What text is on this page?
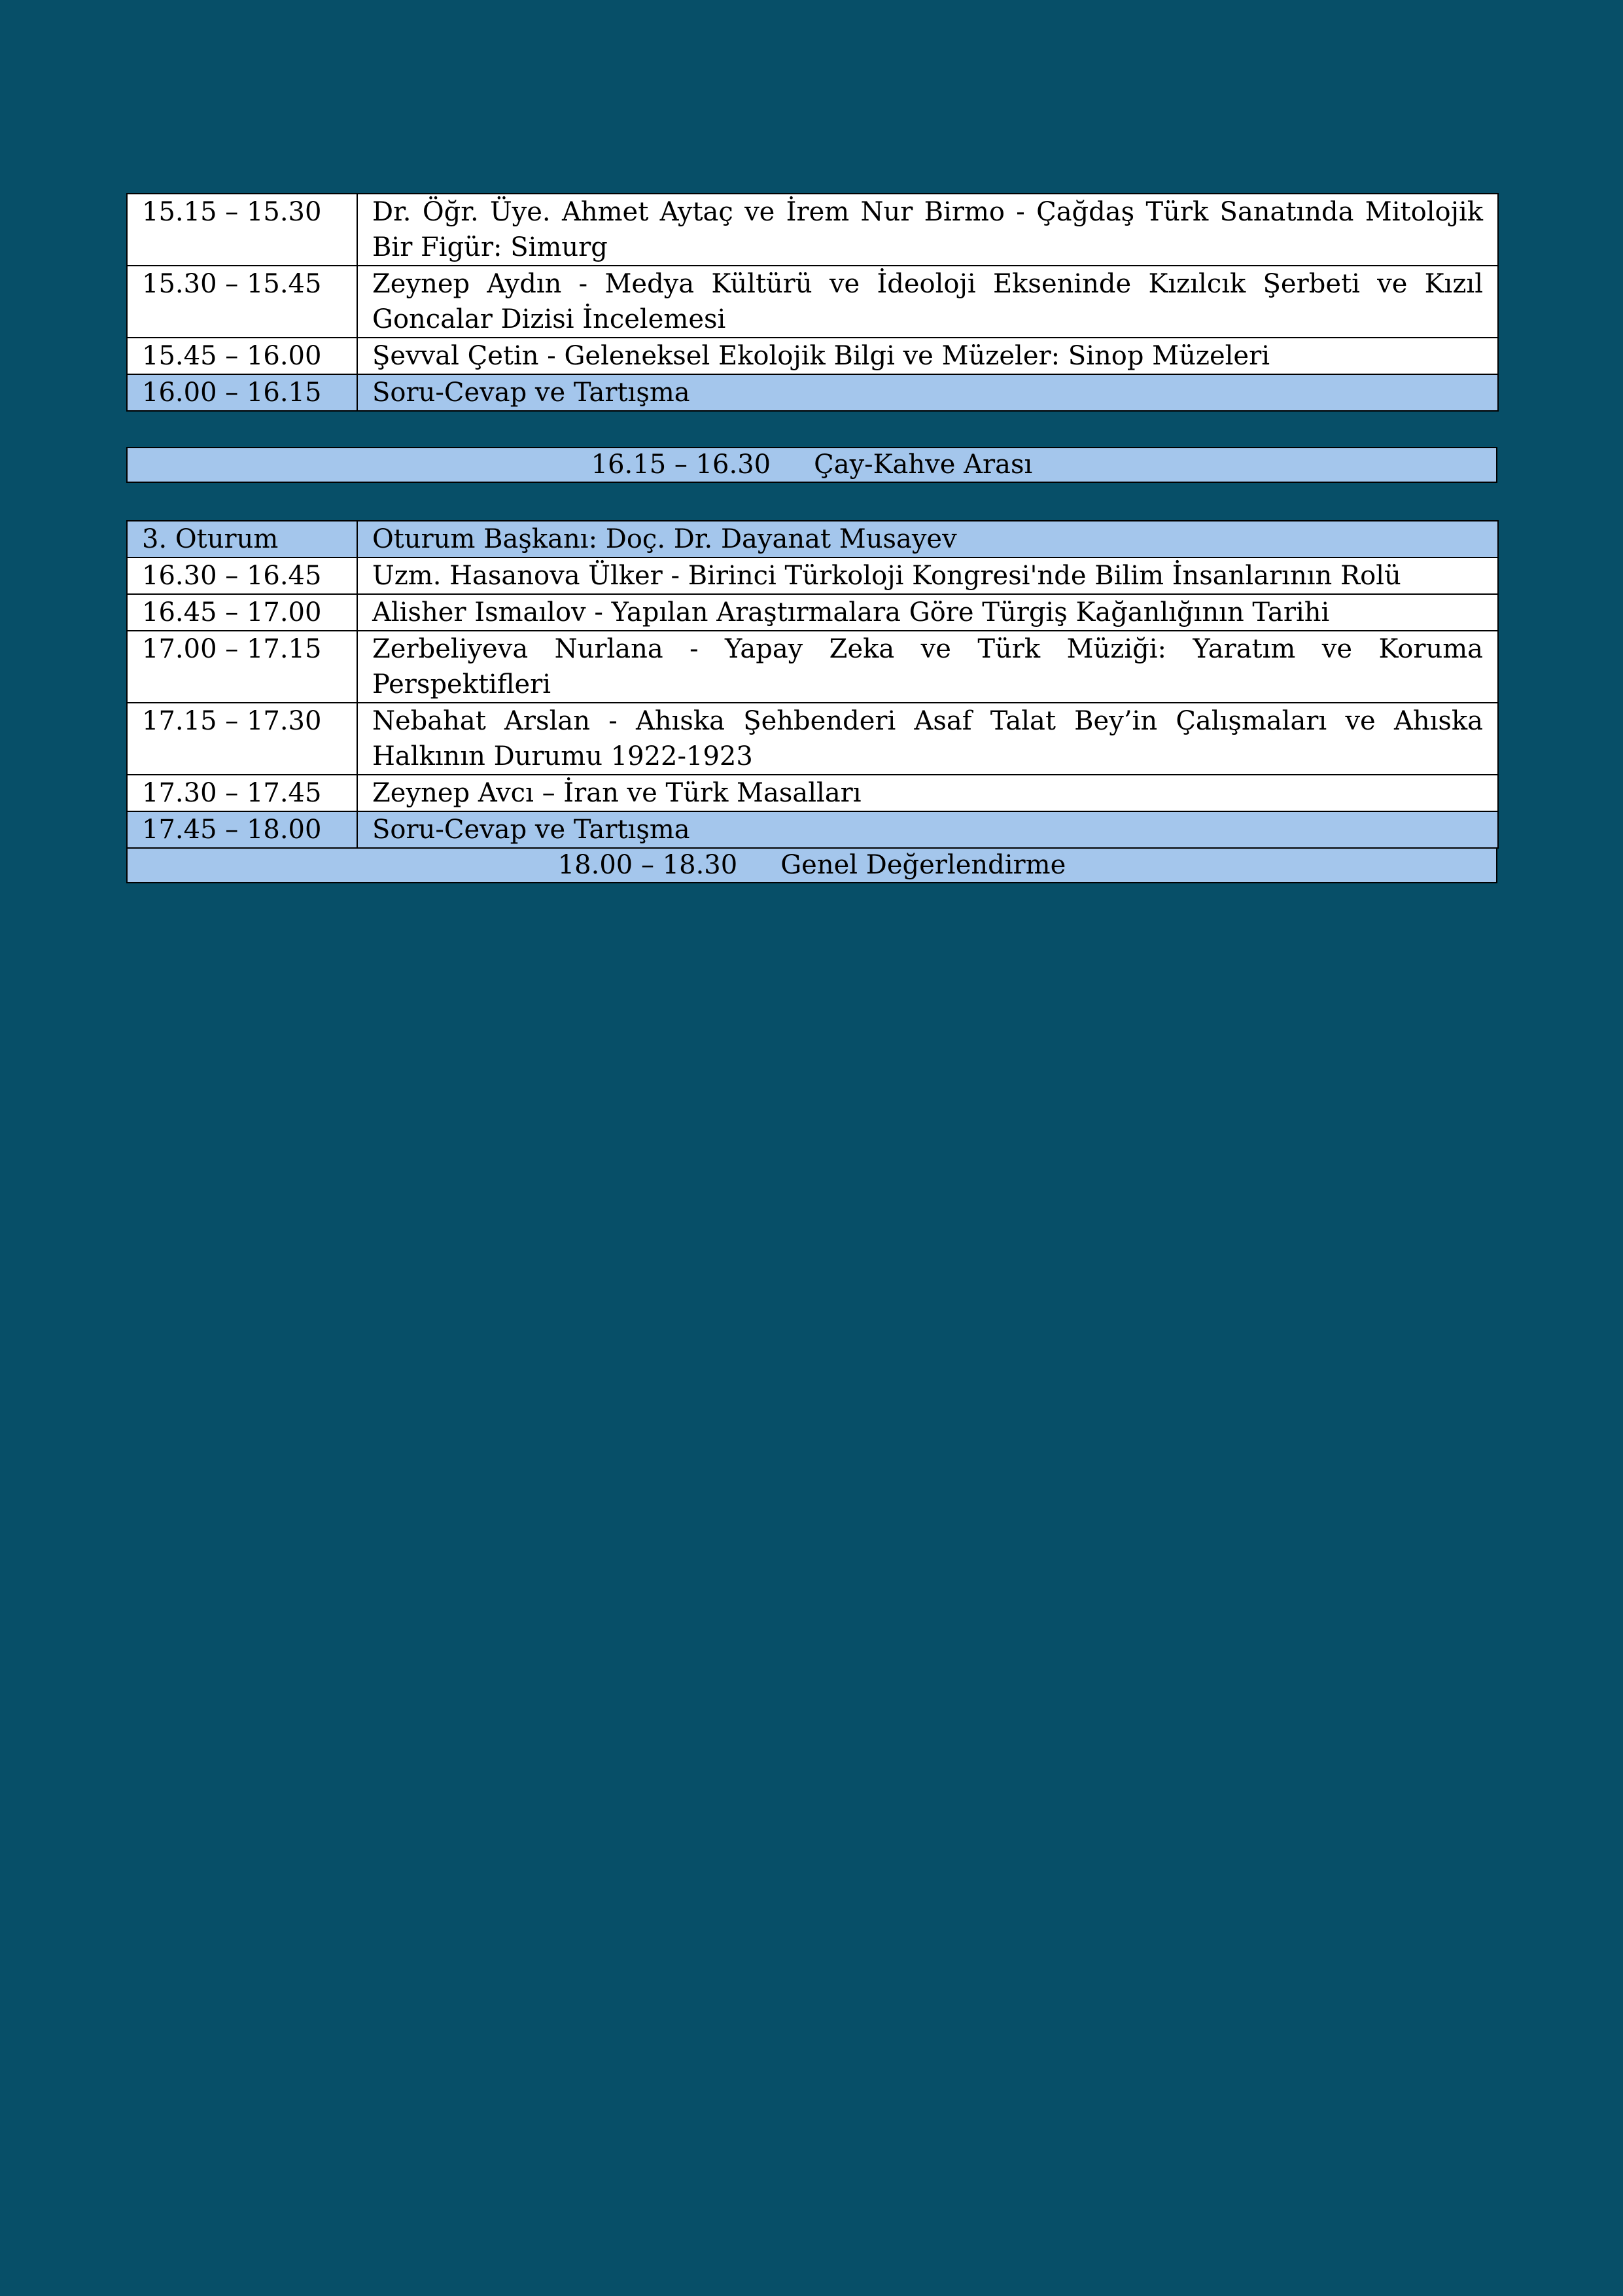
15.15 – 15.30	Dr. Öğr. Üye. Ahmet Aytaç ve İrem Nur Birmo - Çağdaş Türk Sanatında Mitolojik Bir Figür: Simurg
15.30 – 15.45	Zeynep Aydın - Medya Kültürü ve İdeoloji Ekseninde Kızılcık Şerbeti ve Kızıl Goncalar Dizisi İncelemesi
15.45 – 16.00	Şevval Çetin - Geleneksel Ekolojik Bilgi ve Müzeler: Sinop Müzeleri
16.00 – 16.15	Soru-Cevap ve Tartışma
16.15 – 16.30 Çay-Kahve Arası
3. Oturum	Oturum Başkanı: Doç. Dr. Dayanat Musayev
16.30 – 16.45	Uzm. Hasanova Ülker - Birinci Türkoloji Kongresi'nde Bilim İnsanlarının Rolü
16.45 – 17.00	Alisher Ismaılov - Yapılan Araştırmalara Göre Türgiş Kağanlığının Tarihi
17.00 – 17.15	Zerbeliyeva Nurlana - Yapay Zeka ve Türk Müziği: Yaratım ve Koruma Perspektifleri
17.15 – 17.30	Nebahat Arslan - Ahıska Şehbenderi Asaf Talat Bey’in Çalışmaları ve Ahıska Halkının Durumu 1922-1923
17.30 – 17.45	Zeynep Avcı – İran ve Türk Masalları
17.45 – 18.00	Soru-Cevap ve Tartışma
18.00 – 18.30 Genel Değerlendirme
